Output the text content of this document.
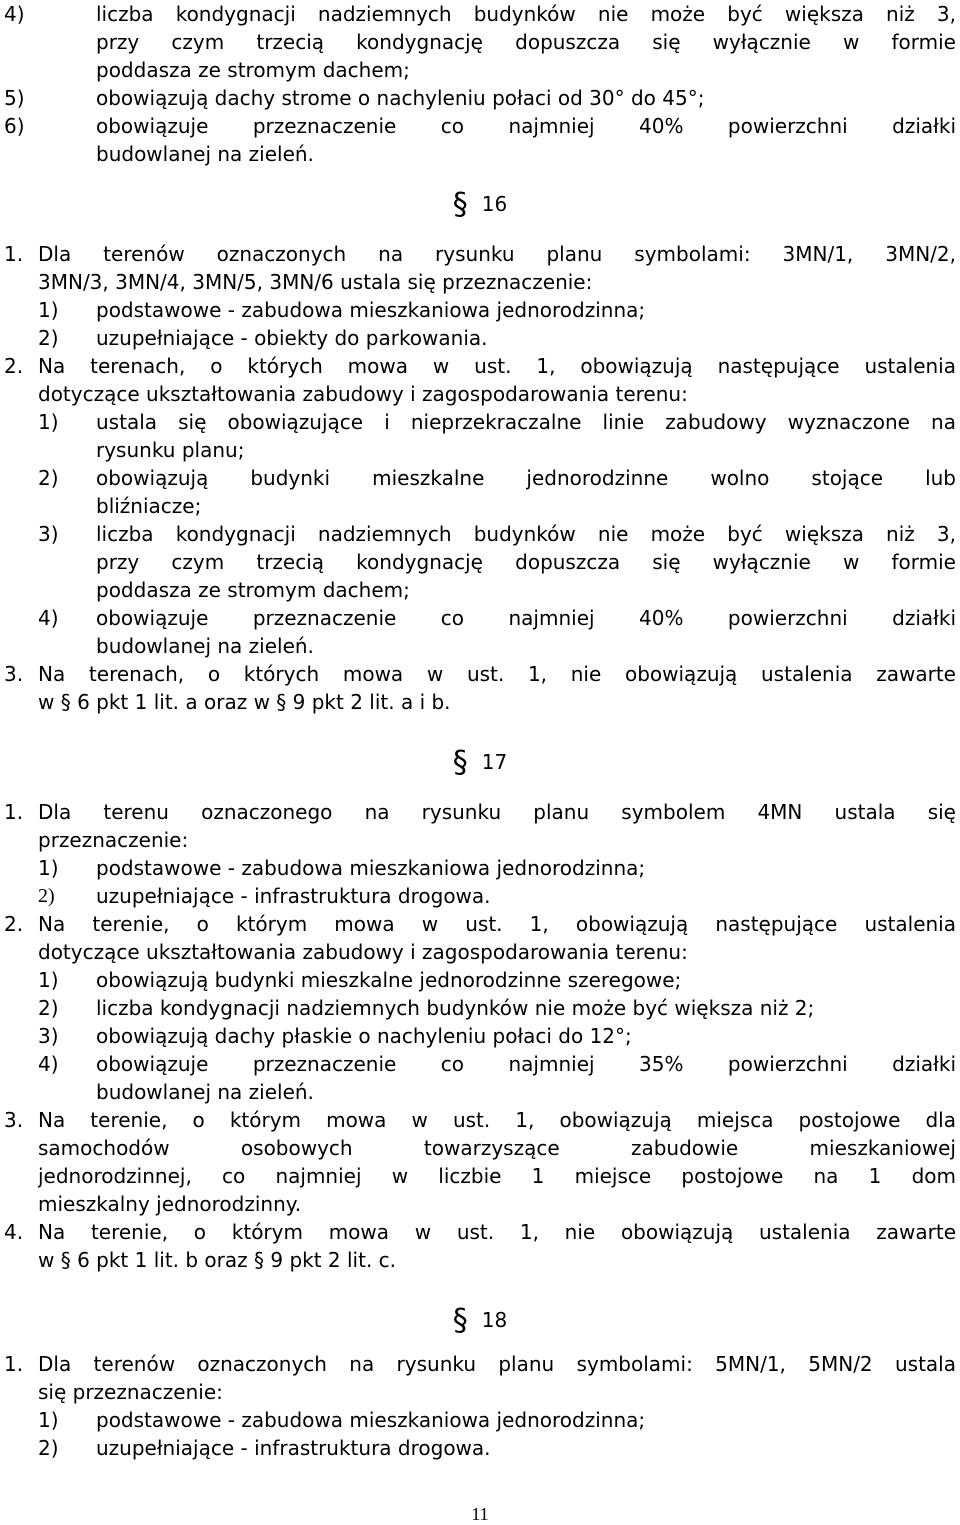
4)	liczba kondygnacji nadziemnych budynków nie może być większa niż 3,
przy czym trzecią kondygnację dopuszcza się wyłącznie w formie
poddasza ze stromym dachem;
5)	obowiązują dachy strome o nachyleniu połaci od 30° do 45°;
6)	obowiązuje przeznaczenie co najmniej 40% powierzchni działki
budowlanej na zieleń.
§ 16
1. Dla terenów oznaczonych na rysunku planu symbolami: 3MN/1, 3MN/2,
3MN/3, 3MN/4, 3MN/5, 3MN/6 ustala się przeznaczenie:
1) podstawowe - zabudowa mieszkaniowa jednorodzinna;
2) uzupełniające - obiekty do parkowania.
2. Na terenach, o których mowa w ust. 1, obowiązują następujące ustalenia
dotyczące ukształtowania zabudowy i zagospodarowania terenu:
1) ustala się obowiązujące i nieprzekraczalne linie zabudowy wyznaczone na
rysunku planu;
2) obowiązują budynki mieszkalne jednorodzinne wolno stojące lub
bliźniacze;
3) liczba kondygnacji nadziemnych budynków nie może być większa niż 3,
przy czym trzecią kondygnację dopuszcza się wyłącznie w formie
poddasza ze stromym dachem;
4) obowiązuje przeznaczenie co najmniej 40% powierzchni działki
budowlanej na zieleń.
3. Na terenach, o których mowa w ust. 1, nie obowiązują ustalenia zawarte
w § 6 pkt 1 lit. a oraz w § 9 pkt 2 lit. a i b.
§ 17
1. Dla terenu oznaczonego na rysunku planu symbolem 4MN ustala się
przeznaczenie:
1) podstawowe - zabudowa mieszkaniowa jednorodzinna;
2) uzupełniające - infrastruktura drogowa.
2. Na terenie, o którym mowa w ust. 1, obowiązują następujące ustalenia
dotyczące ukształtowania zabudowy i zagospodarowania terenu:
1) obowiązują budynki mieszkalne jednorodzinne szeregowe;
2) liczba kondygnacji nadziemnych budynków nie może być większa niż 2;
3) obowiązują dachy płaskie o nachyleniu połaci do 12°;
4) obowiązuje przeznaczenie co najmniej 35% powierzchni działki
budowlanej na zieleń.
3. Na terenie, o którym mowa w ust. 1, obowiązują miejsca postojowe dla
samochodów osobowych towarzyszące zabudowie mieszkaniowej
jednorodzinnej, co najmniej w liczbie 1 miejsce postojowe na 1 dom
mieszkalny jednorodzinny.
4. Na terenie, o którym mowa w ust. 1, nie obowiązują ustalenia zawarte
w § 6 pkt 1 lit. b oraz § 9 pkt 2 lit. c.
§ 18
1. Dla terenów oznaczonych na rysunku planu symbolami: 5MN/1, 5MN/2 ustala
się przeznaczenie:
1) podstawowe - zabudowa mieszkaniowa jednorodzinna;
2) uzupełniające - infrastruktura drogowa.
11
